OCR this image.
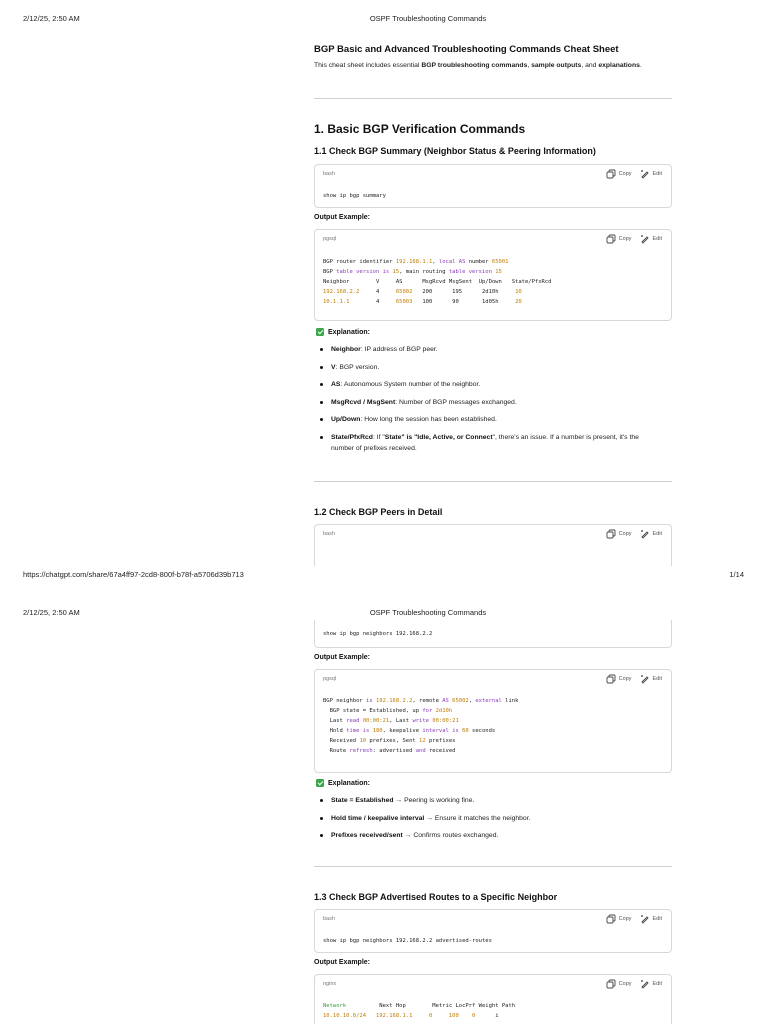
2/12/25, 2:50 AM	OSPF Troubleshooting Commands
BGP Basic and Advanced Troubleshooting Commands Cheat Sheet
This cheat sheet includes essential BGP troubleshooting commands, sample outputs, and explanations.
1. Basic BGP Verification Commands
1.1 Check BGP Summary (Neighbor Status & Peering Information)
bash	Copy	Edit
show ip bgp summary
Output Example:
pgsql	Copy	Edit
BGP router identifier 192.168.1.1, local AS number 65001
BGP table version is 15, main routing table version 15
Neighbor        V     AS      MsgRcvd MsgSent  Up/Down   State/PfxRcd
192.168.2.2     4     65002   200      195      2d10h     10
10.1.1.1        4     65003   100      90       1d05h     20
Explanation:
Neighbor: IP address of BGP peer.
V: BGP version.
AS: Autonomous System number of the neighbor.
MsgRcvd / MsgSent: Number of BGP messages exchanged.
Up/Down: How long the session has been established.
State/PfxRcd: If "State" is "Idle, Active, or Connect", there's an issue. If a number is present, it's the
number of prefixes received.
1.2 Check BGP Peers in Detail
bash	Copy	Edit
https://chatgpt.com/share/67a4ff97-2cd8-800f-b78f-a5706d39b713	1/14
2/12/25, 2:50 AM	OSPF Troubleshooting Commands
show ip bgp neighbors 192.168.2.2
Output Example:
pgsql	Copy	Edit
BGP neighbor is 192.168.2.2, remote AS 65002, external link
BGP state = Established, up for 2d10h
Last read 00:00:21, Last write 00:00:21
Hold time is 180, keepalive interval is 60 seconds
Received 10 prefixes, Sent 12 prefixes
Route refresh: advertised and received
Explanation:
State = Established → Peering is working fine.
Hold time / keepalive interval → Ensure it matches the neighbor.
Prefixes received/sent → Confirms routes exchanged.
1.3 Check BGP Advertised Routes to a Specific Neighbor
bash	Copy	Edit
show ip bgp neighbors 192.168.2.2 advertised-routes
Output Example:
nginx	Copy	Edit
Network          Next Hop        Metric LocPrf Weight Path
10.10.10.0/24 192.168.1.1	0	100 0      i
